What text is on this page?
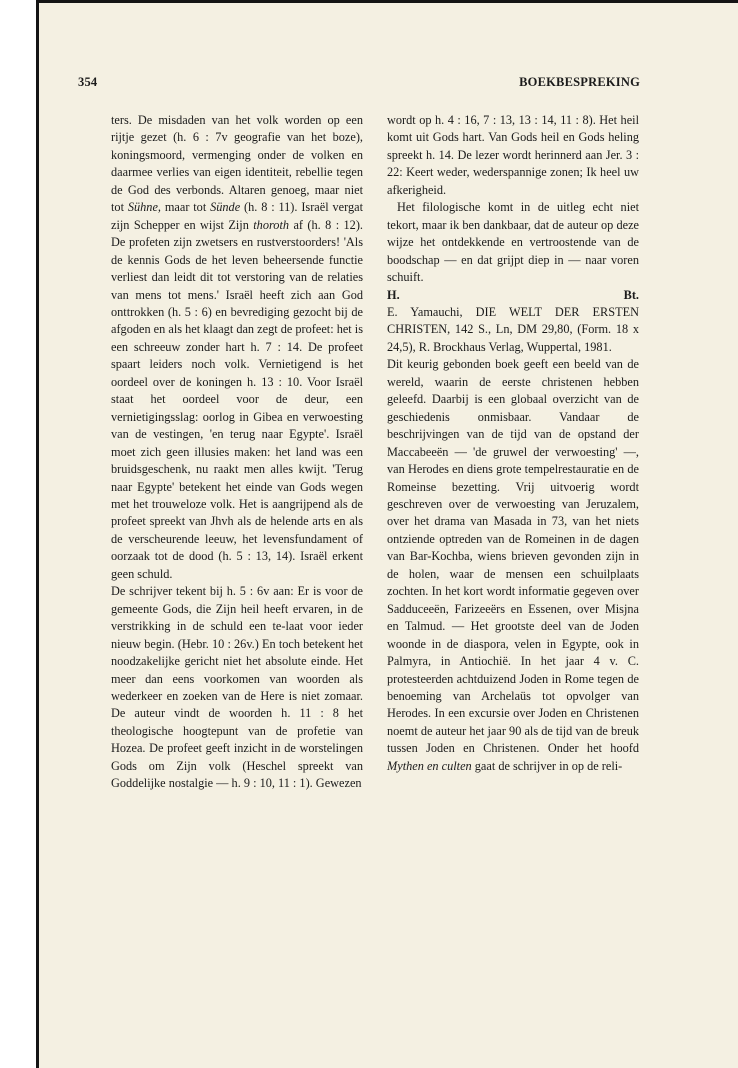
354	BOEKBESPREKING

ters. De misdaden van het volk worden op een rijtje gezet (h. 6 : 7v geografie van het boze), koningsmoord, vermenging onder de volken en daarmee verlies van eigen identiteit, rebellie tegen de God des verbonds. Altaren genoeg, maar niet tot Sühne, maar tot Sünde (h. 8 : 11). Israël vergat zijn Schepper en wijst Zijn thoroth af (h. 8 : 12). De profeten zijn zwetsers en rustverstoorders! 'Als de kennis Gods de het leven beheersende functie verliest dan leidt dit tot verstoring van de relaties van mens tot mens.' Israël heeft zich aan God onttrokken (h. 5 : 6) en bevrediging gezocht bij de afgoden en als het klaagt dan zegt de profeet: het is een schreeuw zonder hart h. 7 : 14. De profeet spaart leiders noch volk. Vernietigend is het oordeel over de koningen h. 13 : 10. Voor Israël staat het oordeel voor de deur, een vernietigingsslag: oorlog in Gibea en verwoesting van de vestingen, 'en terug naar Egypte'. Israël moet zich geen illusies maken: het land was een bruidsgeschenk, nu raakt men alles kwijt. 'Terug naar Egypte' betekent het einde van Gods wegen met het trouweloze volk. Het is aangrijpend als de profeet spreekt van Jhvh als de helende arts en als de verscheurende leeuw, het levensfundament of oorzaak tot de dood (h. 5 : 13, 14). Israël erkent geen schuld.

De schrijver tekent bij h. 5 : 6v aan: Er is voor de gemeente Gods, die Zijn heil heeft ervaren, in de verstrikking in de schuld een te-laat voor ieder nieuw begin. (Hebr. 10 : 26v.) En toch betekent het noodzakelijke gericht niet het absolute einde. Het meer dan eens voorkomen van woorden als wederkeer en zoeken van de Here is niet zomaar. De auteur vindt de woorden h. 11 : 8 het theologische hoogtepunt van de profetie van Hozea. De profeet geeft inzicht in de worstelingen Gods om Zijn volk (Heschel spreekt van Goddelijke nostalgie — h. 9 : 10, 11 : 1). Gewezen

wordt op h. 4 : 16, 7 : 13, 13 : 14, 11 : 8). Het heil komt uit Gods hart. Van Gods heil en Gods heling spreekt h. 14. De lezer wordt herinnerd aan Jer. 3 : 22: Keert weder, wederspannige zonen; Ik heel uw afkerigheid.

Het filologische komt in de uitleg echt niet tekort, maar ik ben dankbaar, dat de auteur op deze wijze het ontdekkende en vertroostende van de boodschap — en dat grijpt diep in — naar voren schuift.

H.	Bt.

E. Yamauchi, DIE WELT DER ERSTEN CHRISTEN, 142 S., Ln, DM 29,80, (Form. 18 x 24,5), R. Brockhaus Verlag, Wuppertal, 1981.

Dit keurig gebonden boek geeft een beeld van de wereld, waarin de eerste christenen hebben geleefd. Daarbij is een globaal overzicht van de geschiedenis onmisbaar. Vandaar de beschrijvingen van de tijd van de opstand der Maccabeeën — 'de gruwel der verwoesting' —, van Herodes en diens grote tempelrestauratie en de Romeinse bezetting. Vrij uitvoerig wordt geschreven over de verwoesting van Jeruzalem, over het drama van Masada in 73, van het niets ontziende optreden van de Romeinen in de dagen van Bar-Kochba, wiens brieven gevonden zijn in de holen, waar de mensen een schuilplaats zochten. In het kort wordt informatie gegeven over Sadduceeën, Farizeeërs en Essenen, over Misjna en Talmud. — Het grootste deel van de Joden woonde in de diaspora, velen in Egypte, ook in Palmyra, in Antiochië. In het jaar 4 v. C. protesteerden achtduizend Joden in Rome tegen de benoeming van Archelaüs tot opvolger van Herodes. In een excursie over Joden en Christenen noemt de auteur het jaar 90 als de tijd van de breuk tussen Joden en Christenen. Onder het hoofd Mythen en culten gaat de schrijver in op de reli-
